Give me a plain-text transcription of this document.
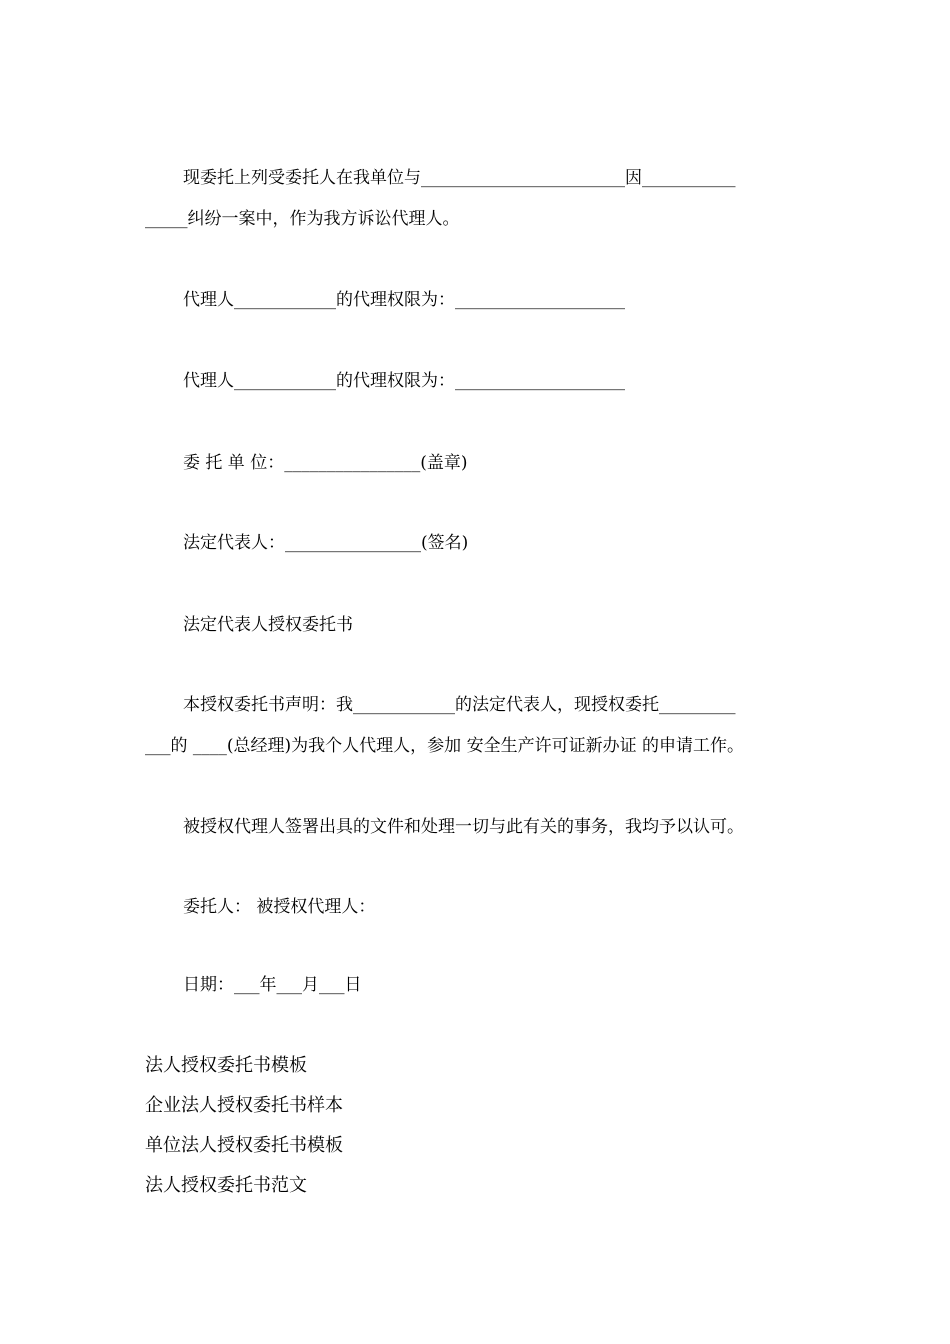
现委托上列受委托人在我单位与________________________因___________
_____纠纷一案中，作为我方诉讼代理人。
代理人____________的代理权限为：____________________
代理人____________的代理权限为：____________________
委 托 单 位：________________(盖章)
法定代表人：________________(签名)
法定代表人授权委托书
本授权委托书声明：我____________的法定代表人，现授权委托_________
___的 ____(总经理)为我个人代理人，参加 安全生产许可证新办证 的申请工作。
被授权代理人签署出具的文件和处理一切与此有关的事务，我均予以认可。
委托人： 被授权代理人：
日期：___年___月___日
法人授权委托书模板
企业法人授权委托书样本
单位法人授权委托书模板
法人授权委托书范文
